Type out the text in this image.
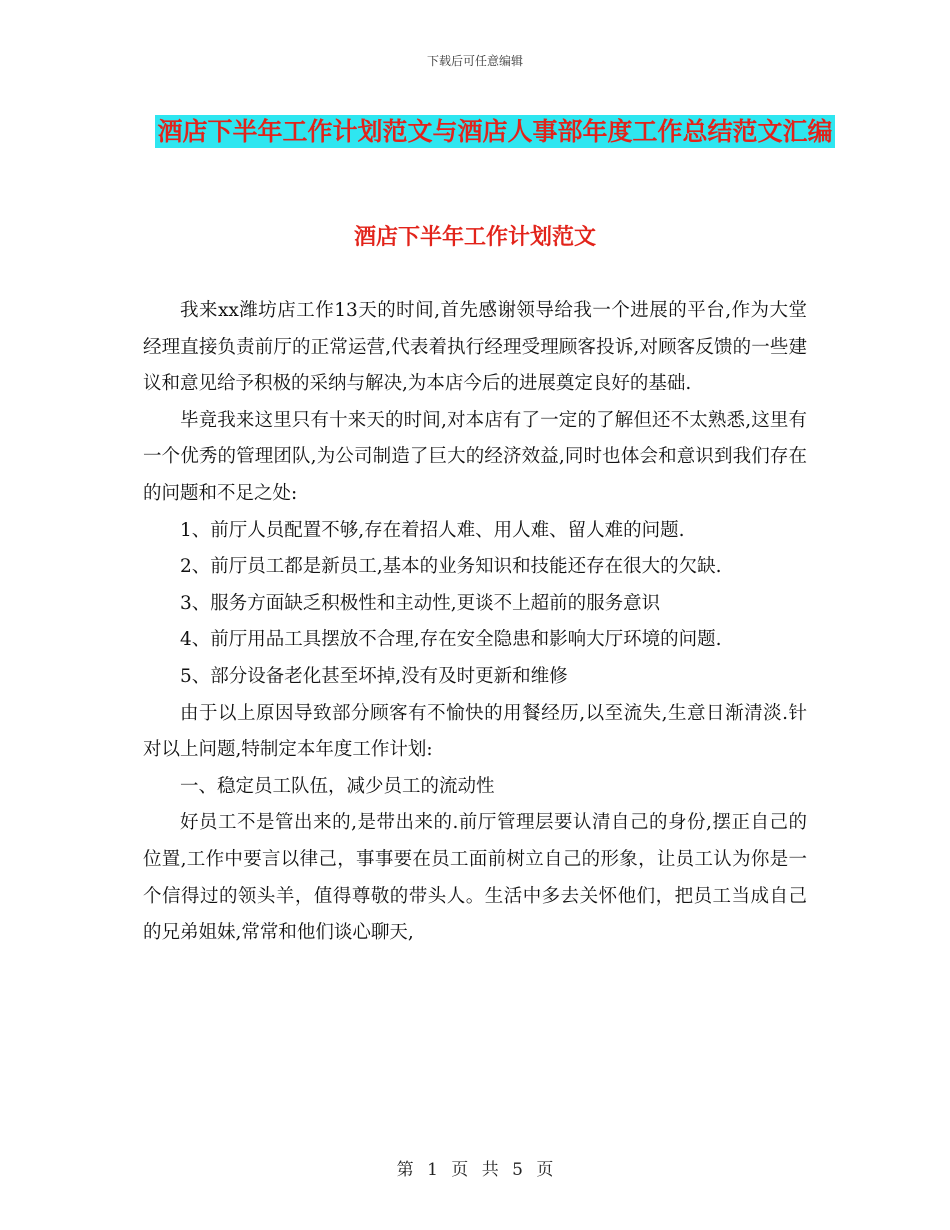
下载后可任意编辑
酒店下半年工作计划范文与酒店人事部年度工作总结范文汇编
酒店下半年工作计划范文

我来xx潍坊店工作13天的时间,首先感谢领导给我一个进展的平台,作为大堂经理直接负责前厅的正常运营,代表着执行经理受理顾客投诉,对顾客反馈的一些建议和意见给予积极的采纳与解决,为本店今后的进展奠定良好的基础.

毕竟我来这里只有十来天的时间,对本店有了一定的了解但还不太熟悉,这里有一个优秀的管理团队,为公司制造了巨大的经济效益,同时也体会和意识到我们存在的问题和不足之处:

1、前厅人员配置不够,存在着招人难、用人难、留人难的问题.

2、前厅员工都是新员工,基本的业务知识和技能还存在很大的欠缺.

3、服务方面缺乏积极性和主动性,更谈不上超前的服务意识

4、前厅用品工具摆放不合理,存在安全隐患和影响大厅环境的问题.

5、部分设备老化甚至坏掉,没有及时更新和维修

由于以上原因导致部分顾客有不愉快的用餐经历,以至流失,生意日渐清淡.针对以上问题,特制定本年度工作计划:

一、稳定员工队伍，减少员工的流动性

好员工不是管出来的,是带出来的.前厅管理层要认清自己的身份,摆正自己的位置,工作中要言以律己，事事要在员工面前树立自己的形象，让员工认为你是一个信得过的领头羊，值得尊敬的带头人。生活中多去关怀他们，把员工当成自己的兄弟姐妹,常常和他们谈心聊天,

第 1 页 共 5 页
